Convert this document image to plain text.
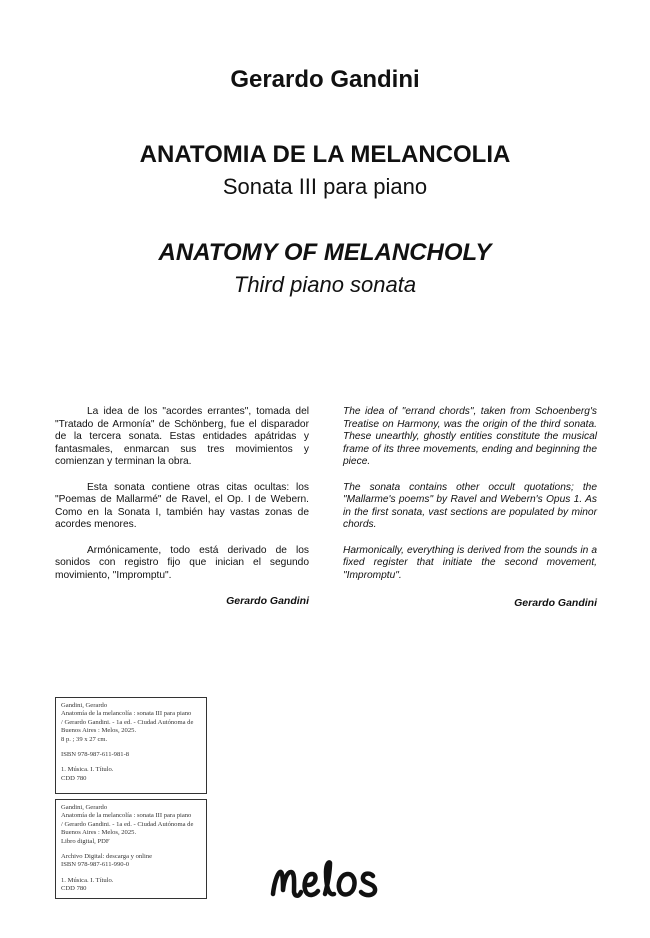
Gerardo Gandini
ANATOMIA DE LA MELANCOLIA
Sonata III para piano
ANATOMY OF MELANCHOLY
Third piano sonata

La idea de los "acordes errantes", tomada del "Tratado de Armonía" de Schönberg, fue el disparador de la tercera sonata. Estas entidades apátridas y fantasmales, enmarcan sus tres movimientos y comienzan y terminan la obra.

Esta sonata contiene otras citas ocultas: los "Poemas de Mallarmé" de Ravel, el Op. I de Webern. Como en la Sonata I, también hay vastas zonas de acordes menores.

Armónicamente, todo está derivado de los sonidos con registro fijo que inician el segundo movimiento, "Impromptu".

Gerardo Gandini

The idea of "errand chords", taken from Schoenberg's Treatise on Harmony, was the origin of the third sonata. These unearthly, ghostly entities constitute the musical frame of its three movements, ending and beginning the piece.

The sonata contains other occult quotations; the "Mallarme's poems" by Ravel and Webern's Opus 1. As in the first sonata, vast sections are populated by minor chords.

Harmonically, everything is derived from the sounds in a fixed register that initiate the second movement, "Impromptu".

Gerardo Gandini
Gandini, Gerardo
Anatomía de la melancolía : sonata III para piano
/ Gerardo Gandini. - 1a ed. - Ciudad Autónoma de
Buenos Aires : Melos, 2025.
8 p. ; 39 x 27 cm.
ISBN 978-987-611-981-8
1. Música. I. Título.
CDD 780
Gandini, Gerardo
Anatomía de la melancolía : sonata III para piano
/ Gerardo Gandini. - 1a ed. - Ciudad Autónoma de
Buenos Aires : Melos, 2025.
Libro digital, PDF
Archivo Digital: descarga y online
ISBN 978-987-611-990-0
1. Música. I. Título.
CDD 780
